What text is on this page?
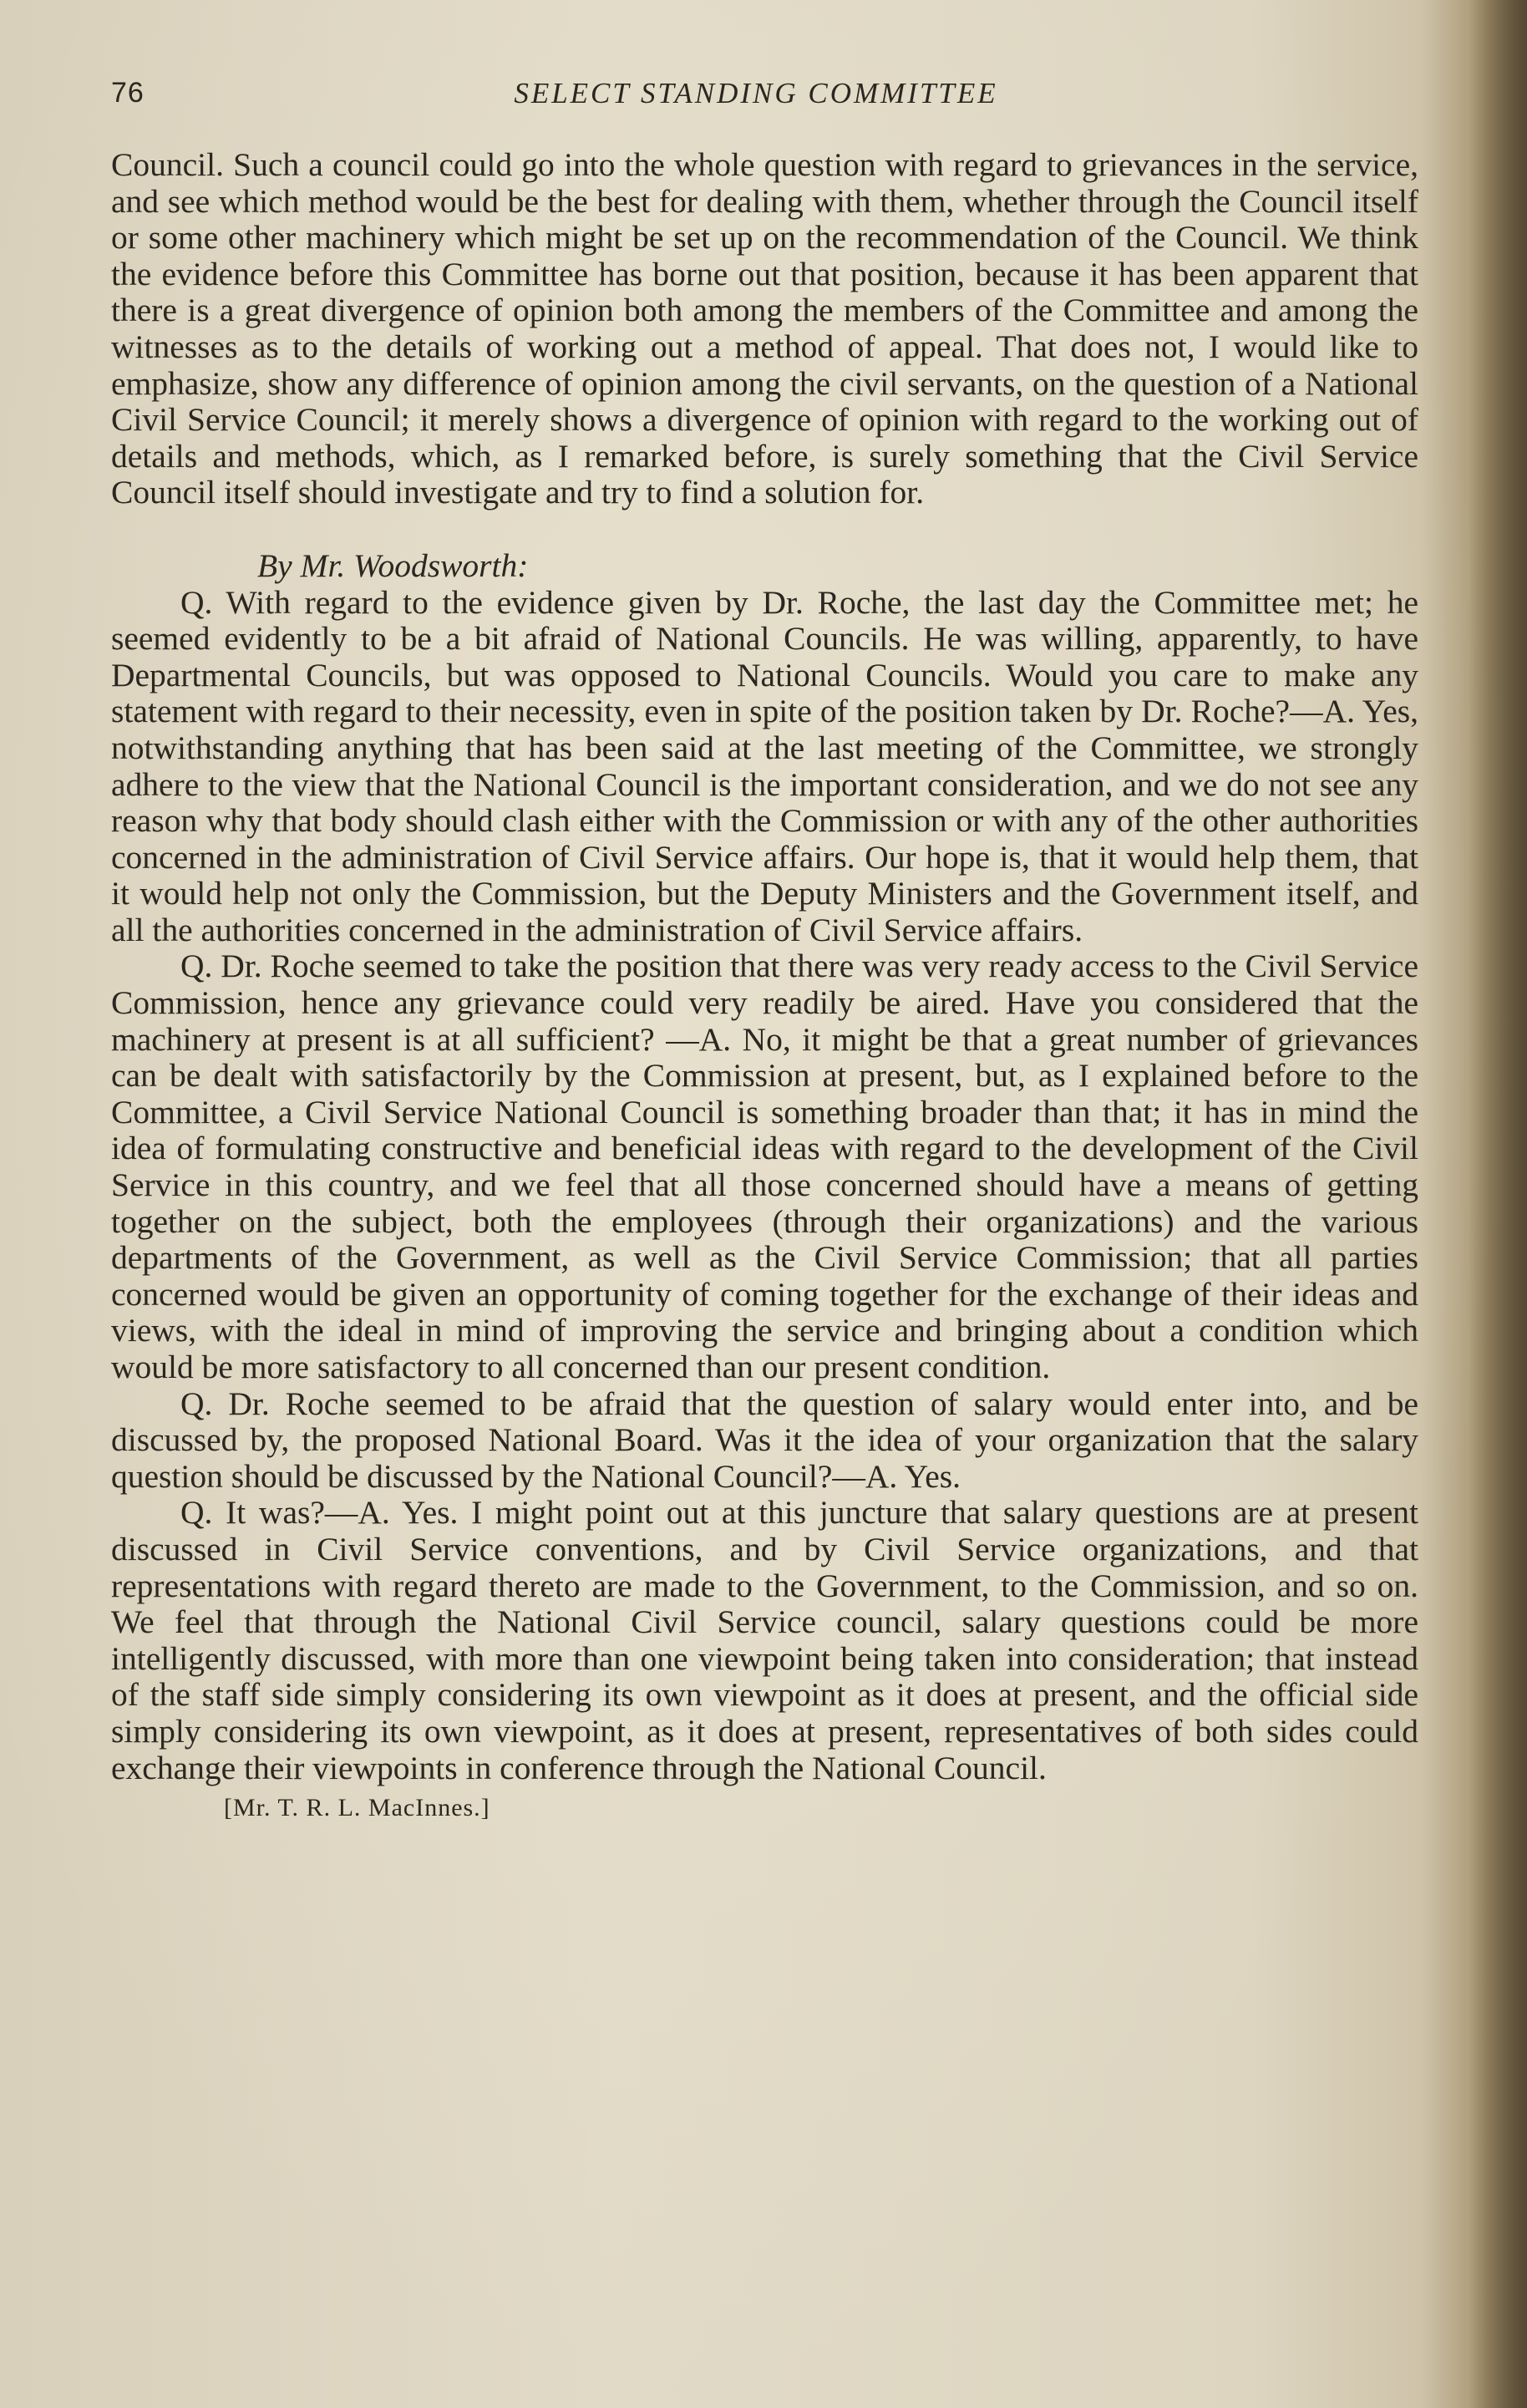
76	SELECT STANDING COMMITTEE

Council. Such a council could go into the whole question with regard to grievances in the service, and see which method would be the best for dealing with them, whether through the Council itself or some other machinery which might be set up on the recommendation of the Council. We think the evidence before this Committee has borne out that position, because it has been apparent that there is a great divergence of opinion both among the members of the Committee and among the witnesses as to the details of working out a method of appeal. That does not, I would like to emphasize, show any difference of opinion among the civil servants, on the question of a National Civil Service Council; it merely shows a divergence of opinion with regard to the working out of details and methods, which, as I remarked before, is surely something that the Civil Service Council itself should investigate and try to find a solution for.

By Mr. Woodsworth:

Q. With regard to the evidence given by Dr. Roche, the last day the Committee met; he seemed evidently to be a bit afraid of National Councils. He was willing, apparently, to have Departmental Councils, but was opposed to National Councils. Would you care to make any statement with regard to their necessity, even in spite of the position taken by Dr. Roche?—A. Yes, notwithstanding anything that has been said at the last meeting of the Committee, we strongly adhere to the view that the National Council is the important consideration, and we do not see any reason why that body should clash either with the Commission or with any of the other authorities concerned in the administration of Civil Service affairs. Our hope is, that it would help them, that it would help not only the Commission, but the Deputy Ministers and the Government itself, and all the authorities concerned in the administration of Civil Service affairs.

Q. Dr. Roche seemed to take the position that there was very ready access to the Civil Service Commission, hence any grievance could very readily be aired. Have you considered that the machinery at present is at all sufficient? —A. No, it might be that a great number of grievances can be dealt with satisfactorily by the Commission at present, but, as I explained before to the Committee, a Civil Service National Council is something broader than that; it has in mind the idea of formulating constructive and beneficial ideas with regard to the development of the Civil Service in this country, and we feel that all those concerned should have a means of getting together on the subject, both the employees (through their organizations) and the various departments of the Government, as well as the Civil Service Commission; that all parties concerned would be given an opportunity of coming together for the exchange of their ideas and views, with the ideal in mind of improving the service and bringing about a condition which would be more satisfactory to all concerned than our present condition.

Q. Dr. Roche seemed to be afraid that the question of salary would enter into, and be discussed by, the proposed National Board. Was it the idea of your organization that the salary question should be discussed by the National Council?—A. Yes.

Q. It was?—A. Yes. I might point out at this juncture that salary questions are at present discussed in Civil Service conventions, and by Civil Service organizations, and that representations with regard thereto are made to the Government, to the Commission, and so on. We feel that through the National Civil Service council, salary questions could be more intelligently discussed, with more than one viewpoint being taken into consideration; that instead of the staff side simply considering its own viewpoint as it does at present, and the official side simply considering its own viewpoint, as it does at present, representatives of both sides could exchange their viewpoints in conference through the National Council.

[Mr. T. R. L. MacInnes.]
